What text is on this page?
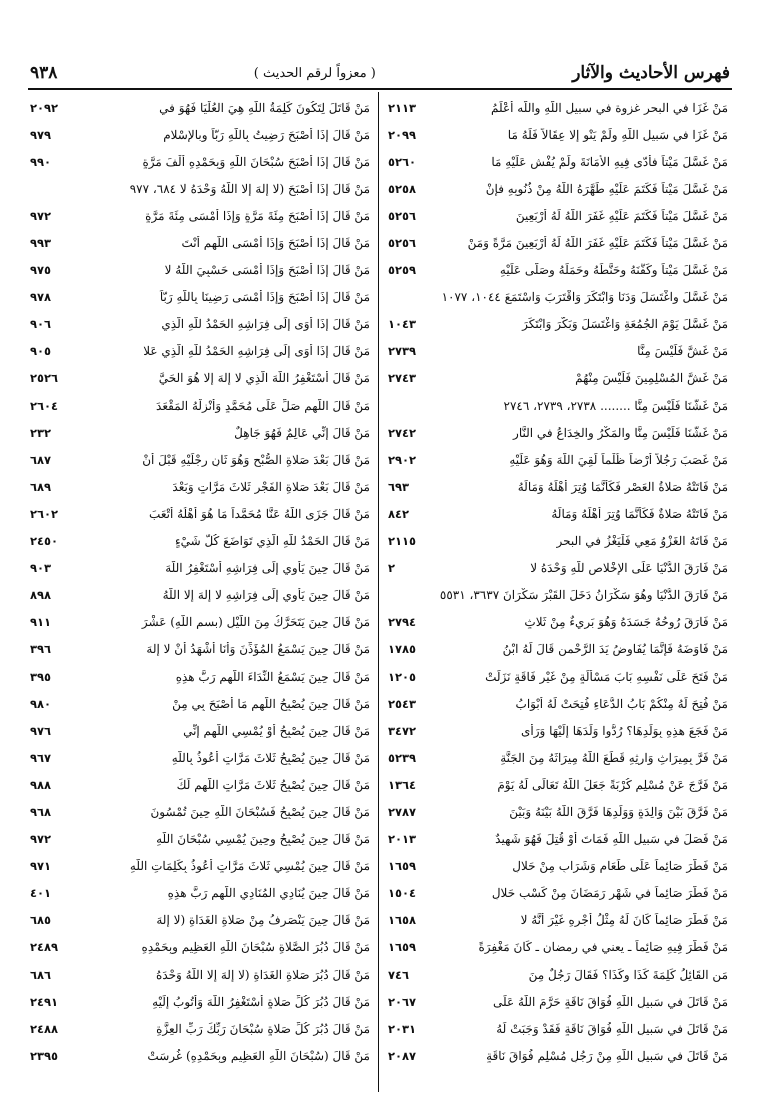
فهرس الأحاديث والآثار
( معزواً لرقم الحديث )
٩٣٨
مَنْ غَزَا في البحرِ غزوة في سبيلِ اللّهِ واللّه أعْلَمُ
٢١١٣
مَنْ غَزَا في سَبيلِ اللّهِ ولَمْ يَنْوِ إلا عِقَالاً فَلَهُ مَا
٢٠٩٩
مَنْ غَسَّلَ مَيْتاً فأدّى فِيهِ الأمَانَةَ ولَمْ يُفْشِ عَلَيْهِ مَا
٥٢٦٠
مَنْ غَسَّلَ مَيْتاً فَكَتَمَ عَلَيْهِ طَهَّرَهُ اللّهُ مِنْ ذُنُوبِهِ فإنْ
٥٢٥٨
مَنْ غَسَّلَ مَيْتاً فَكَتَمَ عَلَيْهِ غَفَرَ اللّهُ لَهُ أرْبَعِينَ
٥٢٥٦
مَنْ غَسَّلَ مَيْتاً فَكَتَمَ عَلَيْهِ غَفَرَ اللّهُ لَهُ أرْبَعِينَ مَرَّةً وَمَنْ
٥٢٥٦
مَنْ غَسَّلَ مَيْتاً وكَفَّنَهُ وحَنَّطَهُ وحَمَلَهُ وصَلَّى عَلَيْهِ
٥٢٥٩
مَنْ غَسَّلَ واغْتَسَلَ وَدَنَا وَابْتَكَرَ وَاقْتَرَبَ وَاسْتَمَعَ ١٠٤٤، ١٠٧٧
مَنْ غَسَّلَ يَوْمَ الجُمُعَةِ وَاغْتَسَلَ وَبَكَّرَ وَابْتَكَرَ
١٠٤٣
مَنْ غَشَّ فَلَيْسَ مِنَّا
٢٧٣٩
مَنْ غَشَّ المُسْلِمِينَ فَلَيْسَ مِنْهُمْ
٢٧٤٣
مَنْ غَشَّنَا فَلَيْسَ مِنَّا ........ ٢٧٣٨، ٢٧٣٩، ٢٧٤٦
مَنْ غَشَّنَا فَلَيْسَ مِنَّا والمَكْرُ والخِدَاعُ في النَّارِ
٢٧٤٢
مَنْ غَصَبَ رَجُلاً أرْضاً ظُلْماً لَقِيَ اللّهَ وَهُوَ عَلَيْهِ
٢٩٠٢
مَنْ فَاتَتْهُ صَلاةُ العَصْرِ فَكَأنَّمَا وُتِرَ أهْلَهُ وَمَالَهُ
٦٩٣
مَنْ فَاتَتْهُ صَلاةٌ فَكَأنَّمَا وُتِرَ أهْلَهُ وَمَالَهُ
٨٤٢
مَنْ فَاتَهُ الغَزْوُ مَعِي فَلْيَغْزُ في البحرِ
٢١١٥
مَنْ فَارَقَ الدُّنْيَا عَلَى الإخْلاصِ للّهِ وَحْدَهُ لا
٢
مَنْ فَارَقَ الدُّنْيَا وهُوَ سَكْرَانُ دَخَلَ القَبْرَ سَكْرَانَ ٣٦٣٧، ٥٥٣١
مَنْ فَارَقَ رُوحُهُ جَسَدَهُ وَهُوَ بَرِيءٌ مِنْ ثَلاثٍ
٢٧٩٤
مَنْ فَاوَضَهُ فَإنَّمَا يُفَاوِضُ يَدَ الرَّحْمنِ قَالَ لَهُ ابْنُ
١٧٨٥
مَنْ فَتَحَ عَلَى نَفْسِهِ بَابَ مَسْألَةٍ مِنْ غَيْرِ فَاقَةٍ نَزَلَتْ
١٢٠٥
مَنْ فُتِحَ لَهُ مِنْكُمْ بَابُ الدُّعَاءِ فُتِحَتْ لَهُ أبْوَابُ
٢٥٤٣
مَنْ فَجَعَ هذِهِ بِوَلَدِهَا؟ رُدُّوا وَلَدَهَا إلَيْهَا وَرَأى
٣٤٧٢
مَنْ فَرَّ بِمِيرَاثِ وَارِثِهِ قَطَعَ اللّهُ مِيرَاثَهُ مِنَ الجَنَّةِ
٥٢٣٩
مَنْ فَرَّجَ عَنْ مُسْلِمٍ كُرْبَةً جَعَلَ اللّهُ تَعَالَى لَهُ يَوْمَ
١٣٦٤
مَنْ فَرَّقَ بَيْنَ وَالِدَةٍ وَوَلَدِهَا فَرَّقَ اللّهُ بَيْنَهُ وَبَيْنَ
٢٧٨٧
مَنْ فَصَلَ في سَبيلِ اللّهِ فَمَاتَ أوْ قُتِلَ فَهُوَ شَهِيدٌ
٢٠١٣
مَنْ فَطَّرَ صَائِماً عَلَى طَعَامٍ وَشَرَابٍ مِنْ حَلالٍ
١٦٥٩
مَنْ فَطَّرَ صَائِماً في شَهْرِ رَمَضَانَ مِنْ كَسْبٍ حَلالٍ
١٥٠٤
مَنْ فَطَّرَ صَائِماً كَانَ لَهُ مِثْلُ أجْرِهِ غَيْرَ أنَّهُ لا
١٦٥٨
مَنْ فَطَّرَ فِيهِ صَائِماً ـ يعني في رمضان ـ كَانَ مَغْفِرَةً
١٦٥٩
مَنِ القَائِلُ كَلِمَةَ كَذَا وكَذَا؟ فَقَالَ رَجُلٌ مِنَ
٧٤٦
مَنْ قَاتَلَ في سَبيلِ اللّهِ فُوَاقَ نَاقَةٍ حَرَّمَ اللّهُ عَلَى
٢٠٦٧
مَنْ قَاتَلَ في سَبيلِ اللّهِ فُوَاقَ نَاقَةٍ فَقَدْ وَجَبَتْ لَهُ
٢٠٣١
مَنْ قَاتَلَ في سَبيلِ اللّهِ مِنْ رَجُلٍ مُسْلِمٍ فُوَاقَ نَاقَةٍ
٢٠٨٧
مَنْ قَاتَلَ لِتَكُونَ كَلِمَةُ اللّهِ هِيَ العُلْيَا فَهُوَ في
٢٠٩٢
مَنْ قَالَ إذَا أصْبَحَ رَضِيتُ بِاللّهِ رَبّاً وبالإسْلامِ
٩٧٩
مَنْ قَالَ إذَا أصْبَحَ سُبْحَانَ اللّهِ وَبِحَمْدِهِ ألْفَ مَرَّةٍ
٩٩٠
مَنْ قَالَ إذَا أصْبَحَ (لا إلهَ إلا اللّهُ وَحْدَهُ لا ٦٨٤، ٩٧٧
مَنْ قَالَ إذَا أصْبَحَ مِئَةَ مَرَّةٍ وَإذَا أمْسَى مِئَةَ مَرَّةٍ
٩٧٢
مَنْ قَالَ إذَا أصْبَحَ وَإذَا أمْسَى اللّهم أنْتَ
٩٩٣
مَنْ قَالَ إذَا أصْبَحَ وَإذَا أمْسَى حَسْبِيَ اللّهُ لا
٩٧٥
مَنْ قَالَ إذَا أصْبَحَ وَإذَا أمْسَى رَضِينَا بِاللّهِ رَبّاً
٩٧٨
مَنْ قَالَ إذَا أوَى إلَى فِرَاشِهِ الحَمْدُ للّهِ الَّذِي
٩٠٦
مَنْ قَالَ إذَا أوَى إلَى فِرَاشِهِ الحَمْدُ للّهِ الَّذِي عَلا
٩٠٥
مَنْ قَالَ أسْتَغْفِرُ اللّهَ الَّذِي لا إلهَ إلا هُوَ الحَيَّ
٢٥٢٦
مَنْ قَالَ اللّهم صَلِّ عَلَى مُحَمَّدٍ وَأنْزِلْهُ المَقْعَدَ
٢٦٠٤
مَنْ قَالَ إنِّي عَالِمٌ فَهُوَ جَاهِلٌ
٢٣٢
مَنْ قَالَ بَعْدَ صَلاةِ الصُّبْحِ وَهُوَ ثَانٍ رِجْلَيْهِ قَبْلَ أنْ
٦٨٧
مَنْ قَالَ بَعْدَ صَلاةِ الفَجْرِ ثَلاثَ مَرَّاتٍ وَبَعْدَ
٦٨٩
مَنْ قَالَ جَزَى اللّهُ عَنَّا مُحَمَّداً مَا هُوَ أهْلُهُ أتْعَبَ
٢٦٠٢
مَنْ قَالَ الحَمْدُ للّهِ الَّذِي تَوَاضَعَ كُلُّ شَيْءٍ
٢٤٥٠
مَنْ قَالَ حِينَ يَأْوِي إلَى فِرَاشِهِ أسْتَغْفِرُ اللّهَ
٩٠٣
مَنْ قَالَ حِينَ يَأْوِي إلَى فِرَاشِهِ لا إلهَ إلا اللّهُ
٨٩٨
مَنْ قَالَ حِينَ يَتَحَرَّكُ مِنَ اللَّيْلِ (بسمِ اللّهِ) عَشْرَ
٩١١
مَنْ قَالَ حِينَ يَسْمَعُ المُؤَذِّنَ وَأنَا أشْهَدُ أنْ لا إلهَ
٣٩٦
مَنْ قَالَ حِينَ يَسْمَعُ النِّدَاءَ اللّهم رَبَّ هذِهِ
٣٩٥
مَنْ قَالَ حِينَ يُصْبِحُ اللّهم مَا أصْبَحَ بِي مِنْ
٩٨٠
مَنْ قَالَ حِينَ يُصْبِحُ أوْ يُمْسِي اللّهم إنِّي
٩٧٦
مَنْ قَالَ حِينَ يُصْبِحُ ثَلاثَ مَرَّاتٍ أعُوذُ بِاللّهِ
٩٦٧
مَنْ قَالَ حِينَ يُصْبِحُ ثَلاثَ مَرَّاتٍ اللّهم لَكَ
٩٨٨
مَنْ قَالَ حِينَ يُصْبِحُ فَسُبْحَانَ اللّهِ حِينَ تُمْسُونَ
٩٦٨
مَنْ قَالَ حِينَ يُصْبِحُ وحِينَ يُمْسِي سُبْحَانَ اللّهِ
٩٧٢
مَنْ قَالَ حِينَ يُمْسِي ثَلاثَ مَرَّاتٍ أعُوذُ بِكَلِمَاتِ اللّهِ
٩٧١
مَنْ قَالَ حِينَ يُنَادِي المُنَادِي اللّهم رَبَّ هذِهِ
٤٠١
مَنْ قَالَ حِينَ يَنْصَرِفُ مِنْ صَلاةِ الغَدَاةِ (لا إلهَ
٦٨٥
مَنْ قَالَ دُبُرَ الصَّلاةِ سُبْحَانَ اللّهِ العَظِيمِ وبِحَمْدِهِ
٢٤٨٩
مَنْ قَالَ دُبُرَ صَلاةِ الغَدَاةِ (لا إلهَ إلا اللّهُ وَحْدَهُ
٦٨٦
مَنْ قَالَ دُبُرَ كُلِّ صَلاةٍ أسْتَغْفِرُ اللّهَ وَأتُوبُ إلَيْهِ
٢٤٩١
مَنْ قَالَ دُبُرَ كُلِّ صَلاةٍ سُبْحَانَ رَبِّكَ رَبِّ العِزَّةِ
٢٤٨٨
مَنْ قَالَ (سُبْحَانَ اللّهِ العَظِيمِ وبِحَمْدِهِ) غُرِسَتْ
٢٣٩٥
